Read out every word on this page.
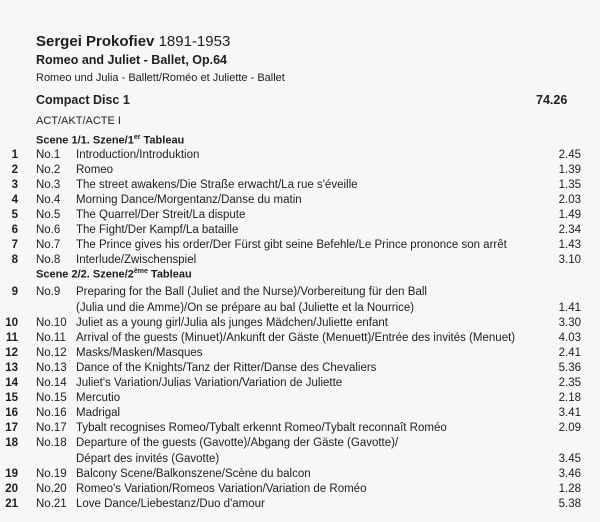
Sergei Prokofiev 1891-1953
Romeo and Juliet - Ballet, Op.64
Romeo und Julia - Ballett/Roméo et Juliette - Ballet
Compact Disc 1	74.26
ACT/AKT/ACTE I
Scene 1/1. Szene/1er Tableau
Scene 2/2. Szene/2ème Tableau
1 No.1 Introduction/Introduktion	2.45
2 No.2 Romeo	1.39
3 No.3 The street awakens/Die Straße erwacht/La rue s'éveille	1.35
4 No.4 Morning Dance/Morgentanz/Danse du matin	2.03
5 No.5 The Quarrel/Der Streit/La dispute	1.49
6 No.6 The Fight/Der Kampf/La bataille	2.34
7 No.7 The Prince gives his order/Der Fürst gibt seine Befehle/Le Prince prononce son arrêt	1.43
8 No.8 Interlude/Zwischenspiel	3.10
9 No.9 Preparing for the Ball (Juliet and the Nurse)/Vorbereitung für den Ball
(Julia und die Amme)/On se prépare au bal (Juliette et la Nourrice)	1.41
10 No.10 Juliet as a young girl/Julia als junges Mädchen/Juliette enfant	3.30
11 No.11 Arrival of the guests (Minuet)/Ankunft der Gäste (Menuett)/Entrée des invités (Menuet)	4.03
12 No.12 Masks/Masken/Masques	2.41
13 No.13 Dance of the Knights/Tanz der Ritter/Danse des Chevaliers	5.36
14 No.14 Juliet's Variation/Julias Variation/Variation de Juliette	2.35
15 No.15 Mercutio	2.18
16 No.16 Madrigal	3.41
17 No.17 Tybalt recognises Romeo/Tybalt erkennt Romeo/Tybalt reconnaît Roméo	2.09
18 No.18 Departure of the guests (Gavotte)/Abgang der Gäste (Gavotte)/
Départ des invités (Gavotte)	3.45
19 No.19 Balcony Scene/Balkonszene/Scène du balcon	3.46
20 No.20 Romeo's Variation/Romeos Variation/Variation de Roméo	1.28
21 No.21 Love Dance/Liebestanz/Duo d'amour	5.38
